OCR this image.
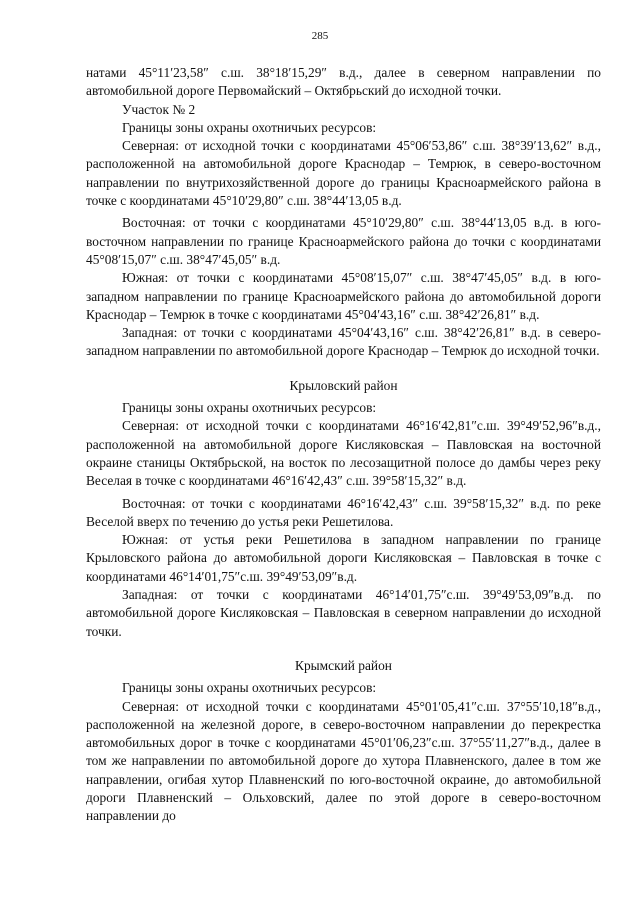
285

натами 45°11′23,58″ с.ш. 38°18′15,29″ в.д., далее в северном направлении по автомобильной дороге Первомайский – Октябрьский до исходной точки.

Участок № 2

Границы зоны охраны охотничьих ресурсов:

Северная: от исходной точки с координатами 45°06′53,86″ с.ш. 38°39′13,62″ в.д., расположенной на автомобильной дороге Краснодар – Темрюк, в северо-восточном направлении по внутрихозяйственной дороге до границы Красноармейского района в точке с координатами 45°10′29,80″ с.ш. 38°44′13,05 в.д.

Восточная: от точки с координатами 45°10′29,80″ с.ш. 38°44′13,05 в.д. в юго-восточном направлении по границе Красноармейского района до точки с координатами 45°08′15,07″ с.ш. 38°47′45,05″ в.д.

Южная: от точки с координатами 45°08′15,07″ с.ш. 38°47′45,05″ в.д. в юго-западном направлении по границе Красноармейского района до автомобильной дороги Краснодар – Темрюк в точке с координатами 45°04′43,16″ с.ш. 38°42′26,81″ в.д.

Западная: от точки с координатами 45°04′43,16″ с.ш. 38°42′26,81″ в.д. в северо-западном направлении по автомобильной дороге Краснодар – Темрюк до исходной точки.

Крыловский район

Границы зоны охраны охотничьих ресурсов:

Северная: от исходной точки с координатами 46°16′42,81″с.ш. 39°49′52,96″в.д., расположенной на автомобильной дороге Кисляковская – Павловская на восточной окраине станицы Октябрьской, на восток по лесозащитной полосе до дамбы через реку Веселая в точке с координатами 46°16′42,43″ с.ш. 39°58′15,32″ в.д.

Восточная: от точки с координатами 46°16′42,43″ с.ш. 39°58′15,32″ в.д. по реке Веселой вверх по течению до устья реки Решетилова.

Южная: от устья реки Решетилова в западном направлении по границе Крыловского района до автомобильной дороги Кисляковская – Павловская в точке с координатами 46°14′01,75″с.ш. 39°49′53,09″в.д.

Западная: от точки с координатами 46°14′01,75″с.ш. 39°49′53,09″в.д. по автомобильной дороге Кисляковская – Павловская в северном направлении до исходной точки.

Крымский район

Границы зоны охраны охотничьих ресурсов:

Северная: от исходной точки с координатами 45°01′05,41″с.ш. 37°55′10,18″в.д., расположенной на железной дороге, в северо-восточном направлении до перекрестка автомобильных дорог в точке с координатами 45°01′06,23″с.ш. 37°55′11,27″в.д., далее в том же направлении по автомобильной дороге до хутора Плавненского, далее в том же направлении, огибая хутор Плавненский по юго-восточной окраине, до автомобильной дороги Плавненский – Ольховский, далее по этой дороге в северо-восточном направлении до
